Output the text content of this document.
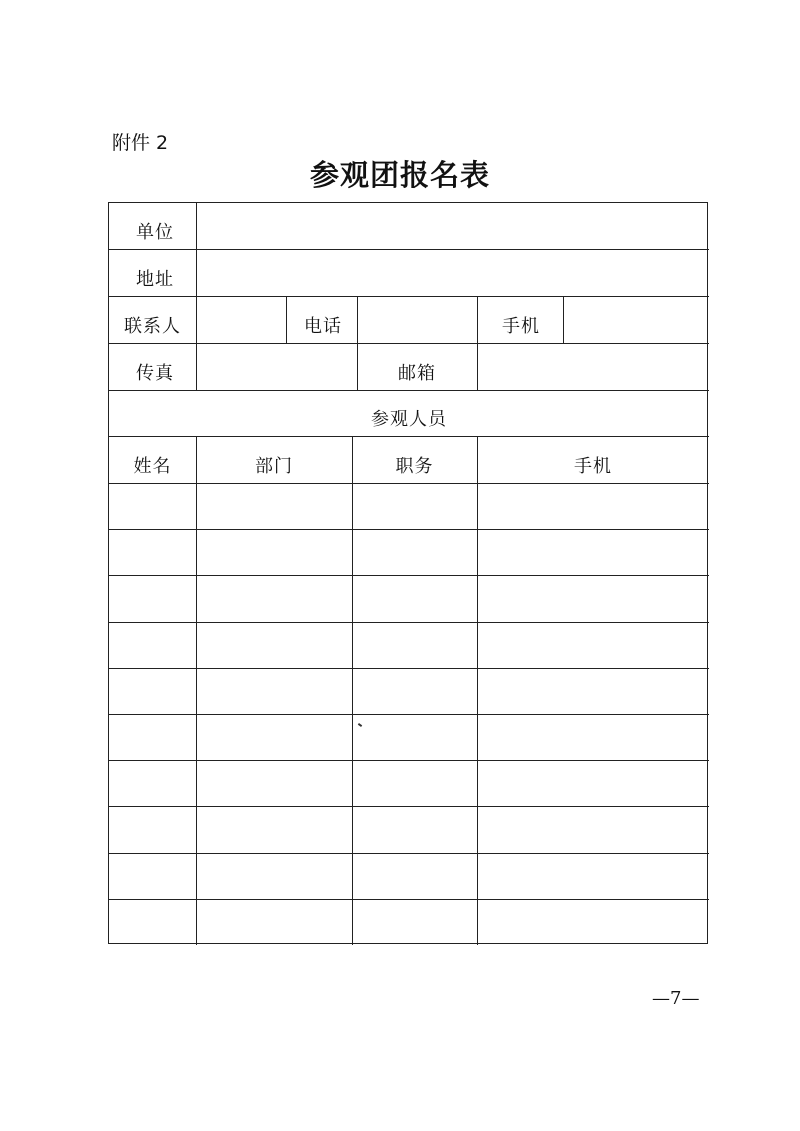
附件 2
参观团报名表
单位
地址
联系人	电话	手机
传真	邮箱
参观人员
姓名	部门	职务	手机
—7—
